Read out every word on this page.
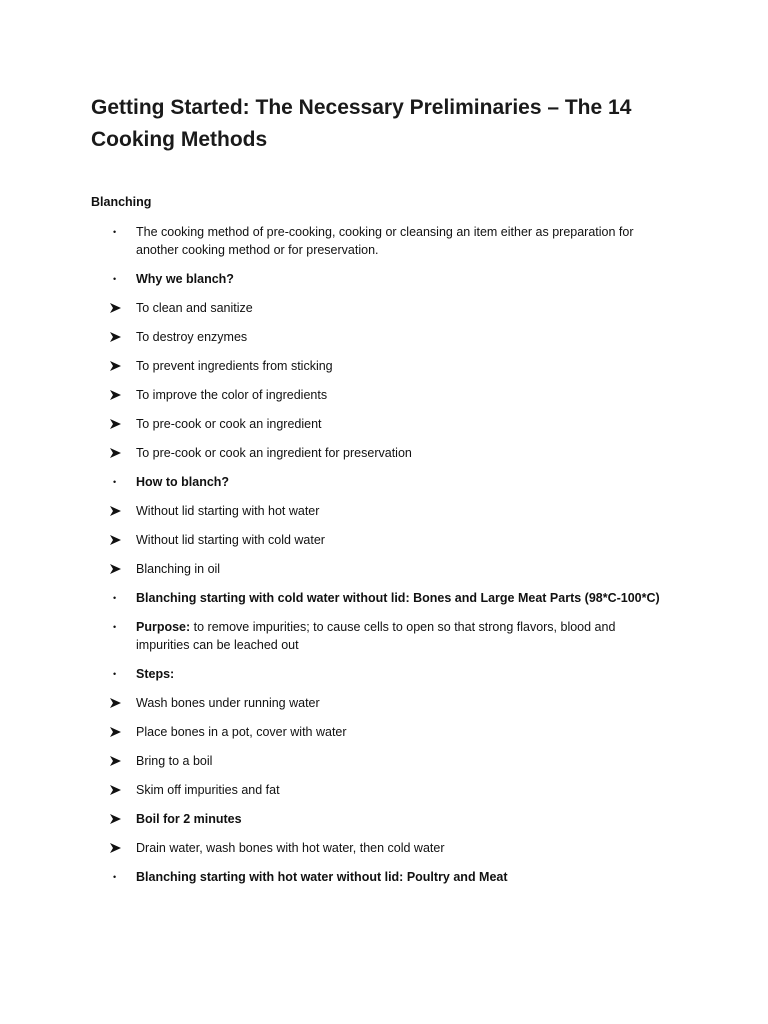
Getting Started: The Necessary Preliminaries – The 14 Cooking Methods
Blanching
•	The cooking method of pre-cooking, cooking or cleansing an item either as preparation for another cooking method or for preservation.
•	Why we blanch?
To clean and sanitize
To destroy enzymes
To prevent ingredients from sticking
To improve the color of ingredients
To pre-cook or cook an ingredient
To pre-cook or cook an ingredient for preservation
•	How to blanch?
Without lid starting with hot water
Without lid starting with cold water
Blanching in oil
•	Blanching starting with cold water without lid: Bones and Large Meat Parts (98*C-100*C)
•	Purpose: to remove impurities; to cause cells to open so that strong flavors, blood and impurities can be leached out
•	Steps:
Wash bones under running water
Place bones in a pot, cover with water
Bring to a boil
Skim off impurities and fat
Boil for 2 minutes
Drain water, wash bones with hot water, then cold water
•	Blanching starting with hot water without lid: Poultry and Meat
